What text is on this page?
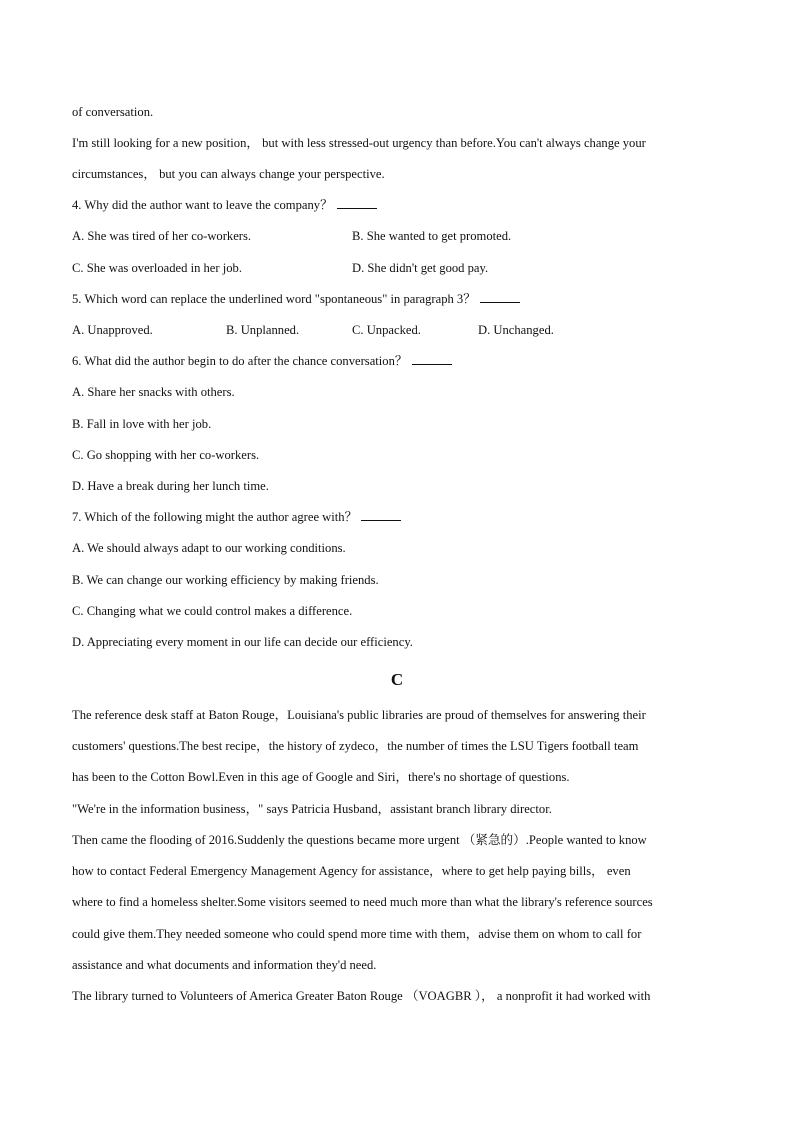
of conversation.
I'm still looking for a new position， but with less stressed-out urgency than before.You can't always change your
circumstances， but you can always change your perspective.
4. Why did the author want to leave the company？
A. She was tired of her co-workers.	B. She wanted to get promoted.
C. She was overloaded in her job.	D. She didn't get good pay.
5. Which word can replace the underlined word "spontaneous" in paragraph 3？
A. Unapproved.	B. Unplanned.	C. Unpacked.	D. Unchanged.
6. What did the author begin to do after the chance conversation？
A. Share her snacks with others.
B. Fall in love with her job.
C. Go shopping with her co-workers.
D. Have a break during her lunch time.
7. Which of the following might the author agree with？
A. We should always adapt to our working conditions.
B. We can change our working efficiency by making friends.
C. Changing what we could control makes a difference.
D. Appreciating every moment in our life can decide our efficiency.
C
The reference desk staff at Baton Rouge，Louisiana's public libraries are proud of themselves for answering their
customers' questions.The best recipe，the history of zydeco，the number of times the LSU Tigers football team
has been to the Cotton Bowl.Even in this age of Google and Siri，there's no shortage of questions.
"We're in the information business，" says Patricia Husband，assistant branch library director.
Then came the flooding of 2016.Suddenly the questions became more urgent （紧急的）.People wanted to know
how to contact Federal Emergency Management Agency for assistance，where to get help paying bills， even
where to find a homeless shelter.Some visitors seemed to need much more than what the library's reference sources
could give them.They needed someone who could spend more time with them，advise them on whom to call for
assistance and what documents and information they'd need.
The library turned to Volunteers of America Greater Baton Rouge （VOAGBR ）， a nonprofit it had worked with
